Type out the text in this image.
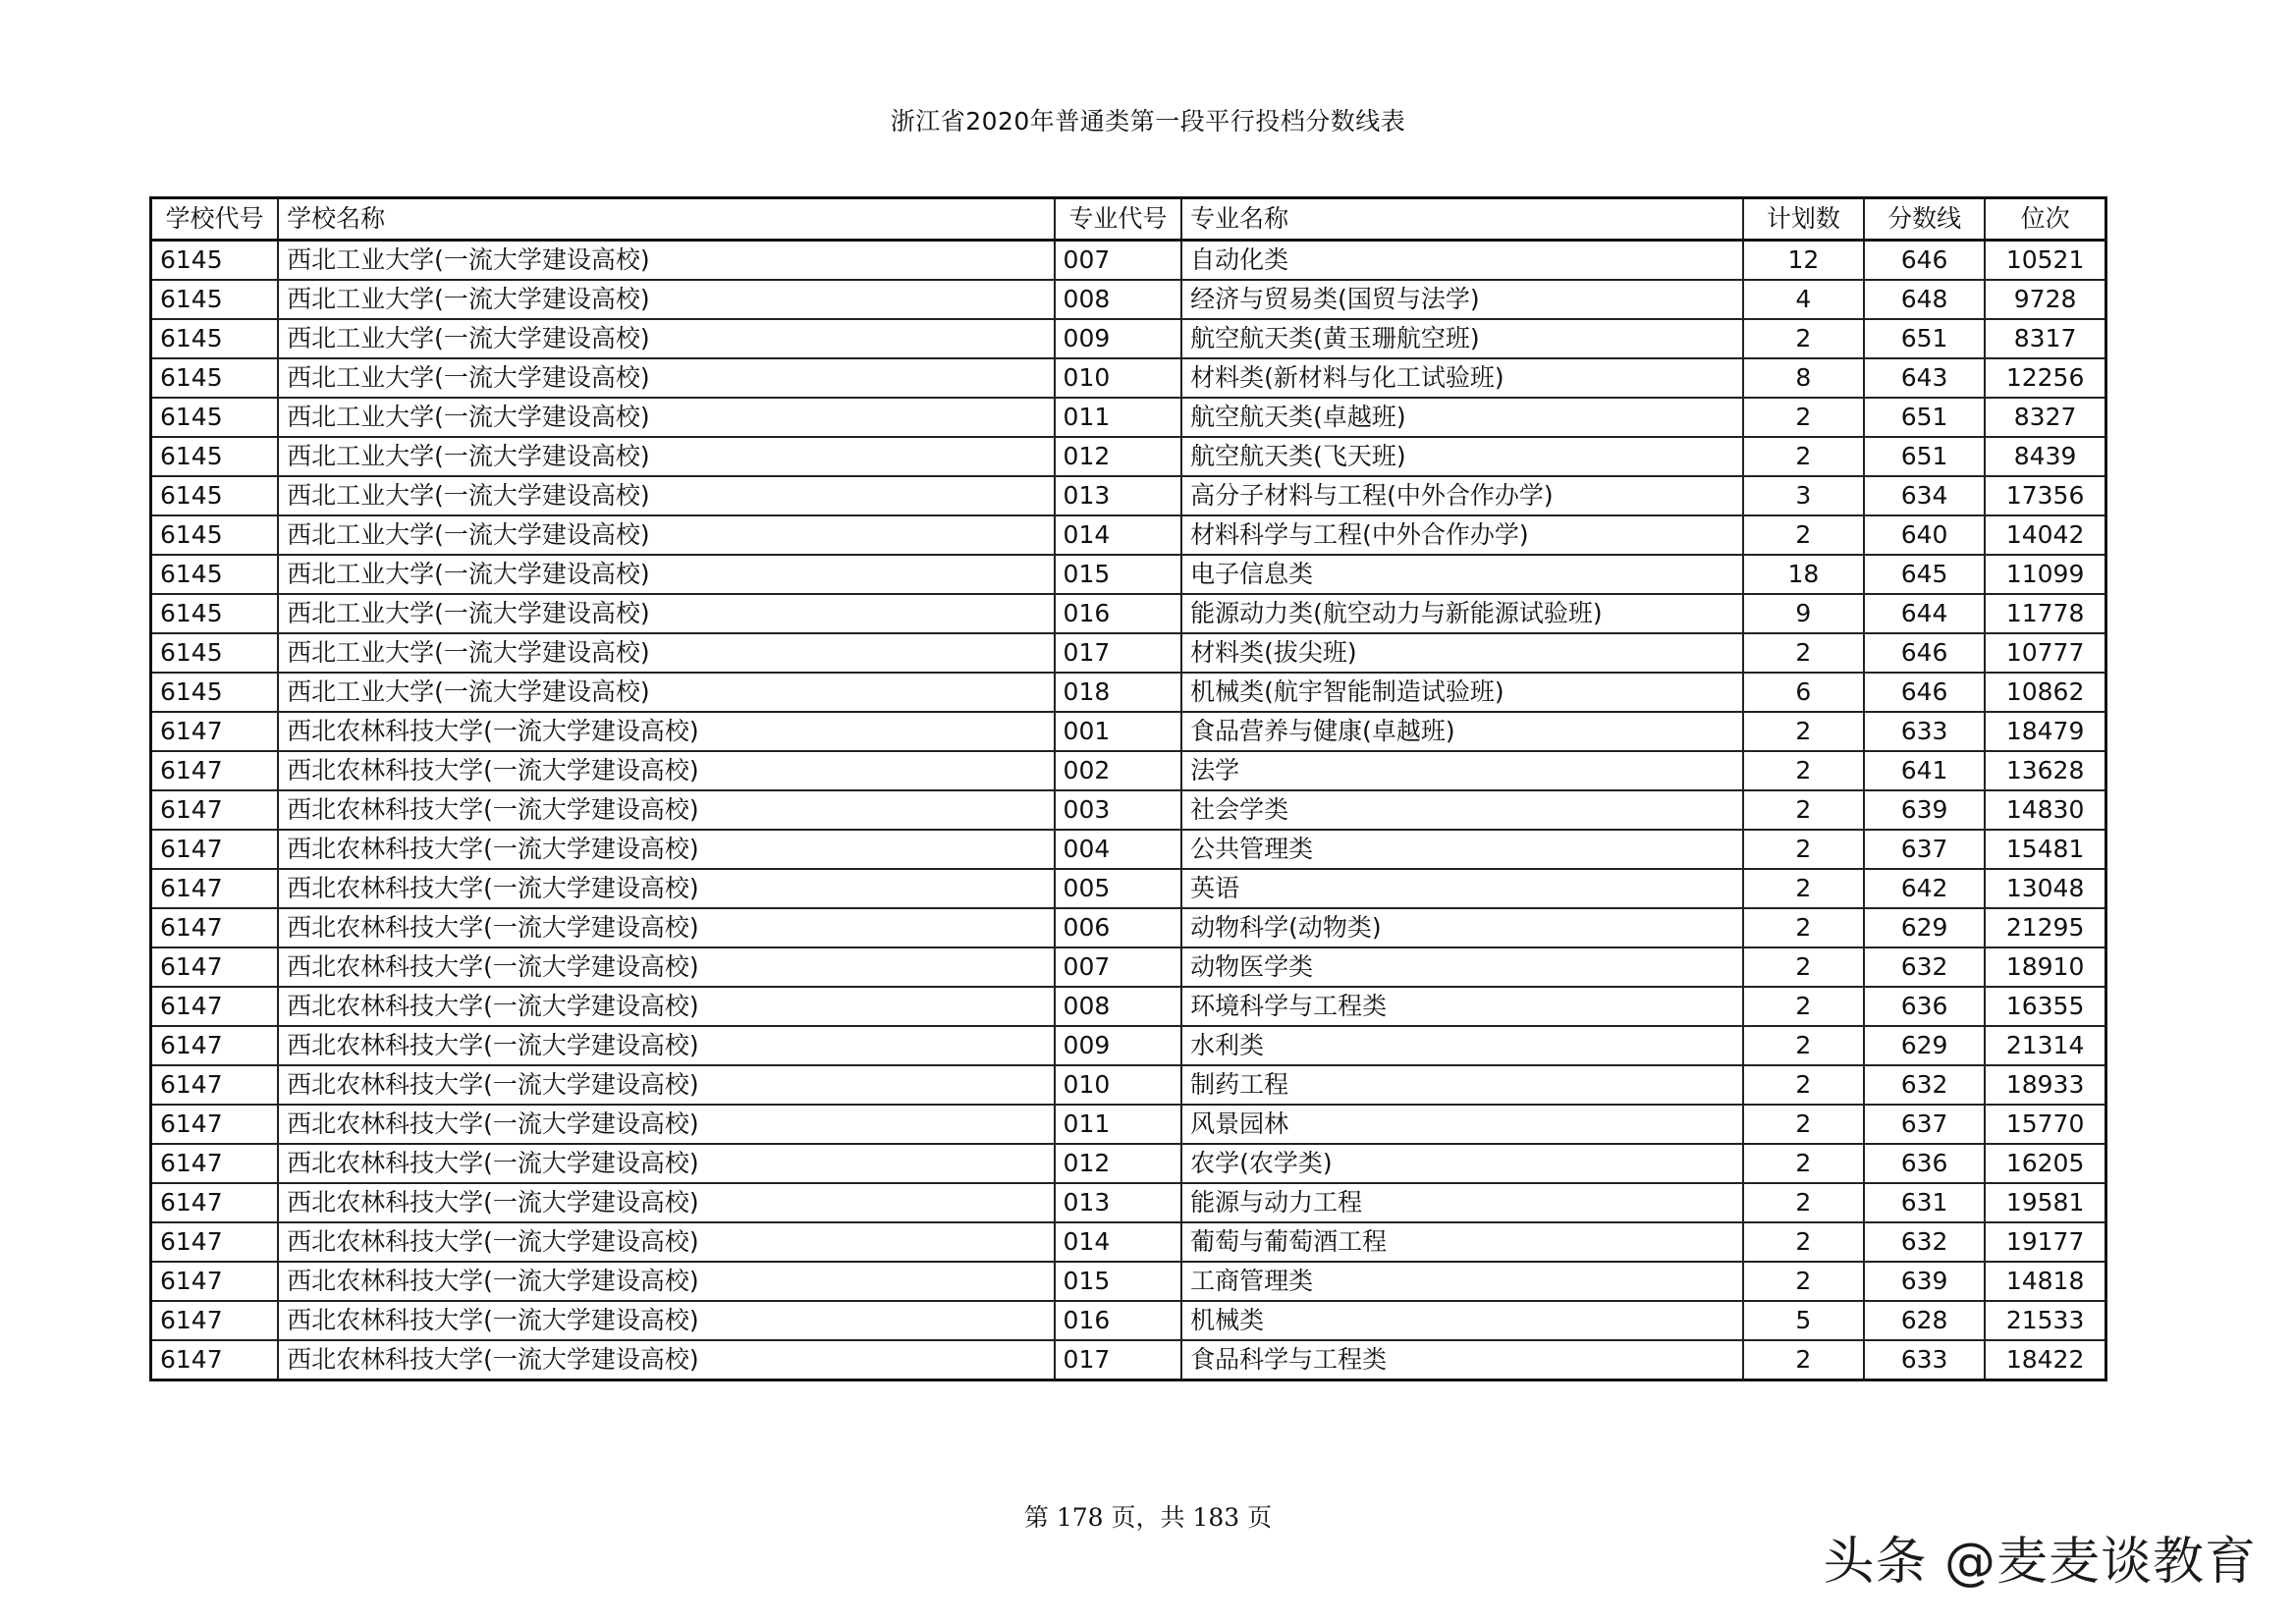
浙江省2020年普通类第一段平行投档分数线表
学校代号	学校名称	专业代号	专业名称	计划数	分数线	位次
6145	西北工业大学(一流大学建设高校)	007	自动化类	12	646	10521
6145	西北工业大学(一流大学建设高校)	008	经济与贸易类(国贸与法学)	4	648	9728
6145	西北工业大学(一流大学建设高校)	009	航空航天类(黄玉珊航空班)	2	651	8317
6145	西北工业大学(一流大学建设高校)	010	材料类(新材料与化工试验班)	8	643	12256
6145	西北工业大学(一流大学建设高校)	011	航空航天类(卓越班)	2	651	8327
6145	西北工业大学(一流大学建设高校)	012	航空航天类(飞天班)	2	651	8439
6145	西北工业大学(一流大学建设高校)	013	高分子材料与工程(中外合作办学)	3	634	17356
6145	西北工业大学(一流大学建设高校)	014	材料科学与工程(中外合作办学)	2	640	14042
6145	西北工业大学(一流大学建设高校)	015	电子信息类	18	645	11099
6145	西北工业大学(一流大学建设高校)	016	能源动力类(航空动力与新能源试验班)	9	644	11778
6145	西北工业大学(一流大学建设高校)	017	材料类(拔尖班)	2	646	10777
6145	西北工业大学(一流大学建设高校)	018	机械类(航宇智能制造试验班)	6	646	10862
6147	西北农林科技大学(一流大学建设高校)	001	食品营养与健康(卓越班)	2	633	18479
6147	西北农林科技大学(一流大学建设高校)	002	法学	2	641	13628
6147	西北农林科技大学(一流大学建设高校)	003	社会学类	2	639	14830
6147	西北农林科技大学(一流大学建设高校)	004	公共管理类	2	637	15481
6147	西北农林科技大学(一流大学建设高校)	005	英语	2	642	13048
6147	西北农林科技大学(一流大学建设高校)	006	动物科学(动物类)	2	629	21295
6147	西北农林科技大学(一流大学建设高校)	007	动物医学类	2	632	18910
6147	西北农林科技大学(一流大学建设高校)	008	环境科学与工程类	2	636	16355
6147	西北农林科技大学(一流大学建设高校)	009	水利类	2	629	21314
6147	西北农林科技大学(一流大学建设高校)	010	制药工程	2	632	18933
6147	西北农林科技大学(一流大学建设高校)	011	风景园林	2	637	15770
6147	西北农林科技大学(一流大学建设高校)	012	农学(农学类)	2	636	16205
6147	西北农林科技大学(一流大学建设高校)	013	能源与动力工程	2	631	19581
6147	西北农林科技大学(一流大学建设高校)	014	葡萄与葡萄酒工程	2	632	19177
6147	西北农林科技大学(一流大学建设高校)	015	工商管理类	2	639	14818
6147	西北农林科技大学(一流大学建设高校)	016	机械类	5	628	21533
6147	西北农林科技大学(一流大学建设高校)	017	食品科学与工程类	2	633	18422
第 178 页，共 183 页
头条 @麦麦谈教育
